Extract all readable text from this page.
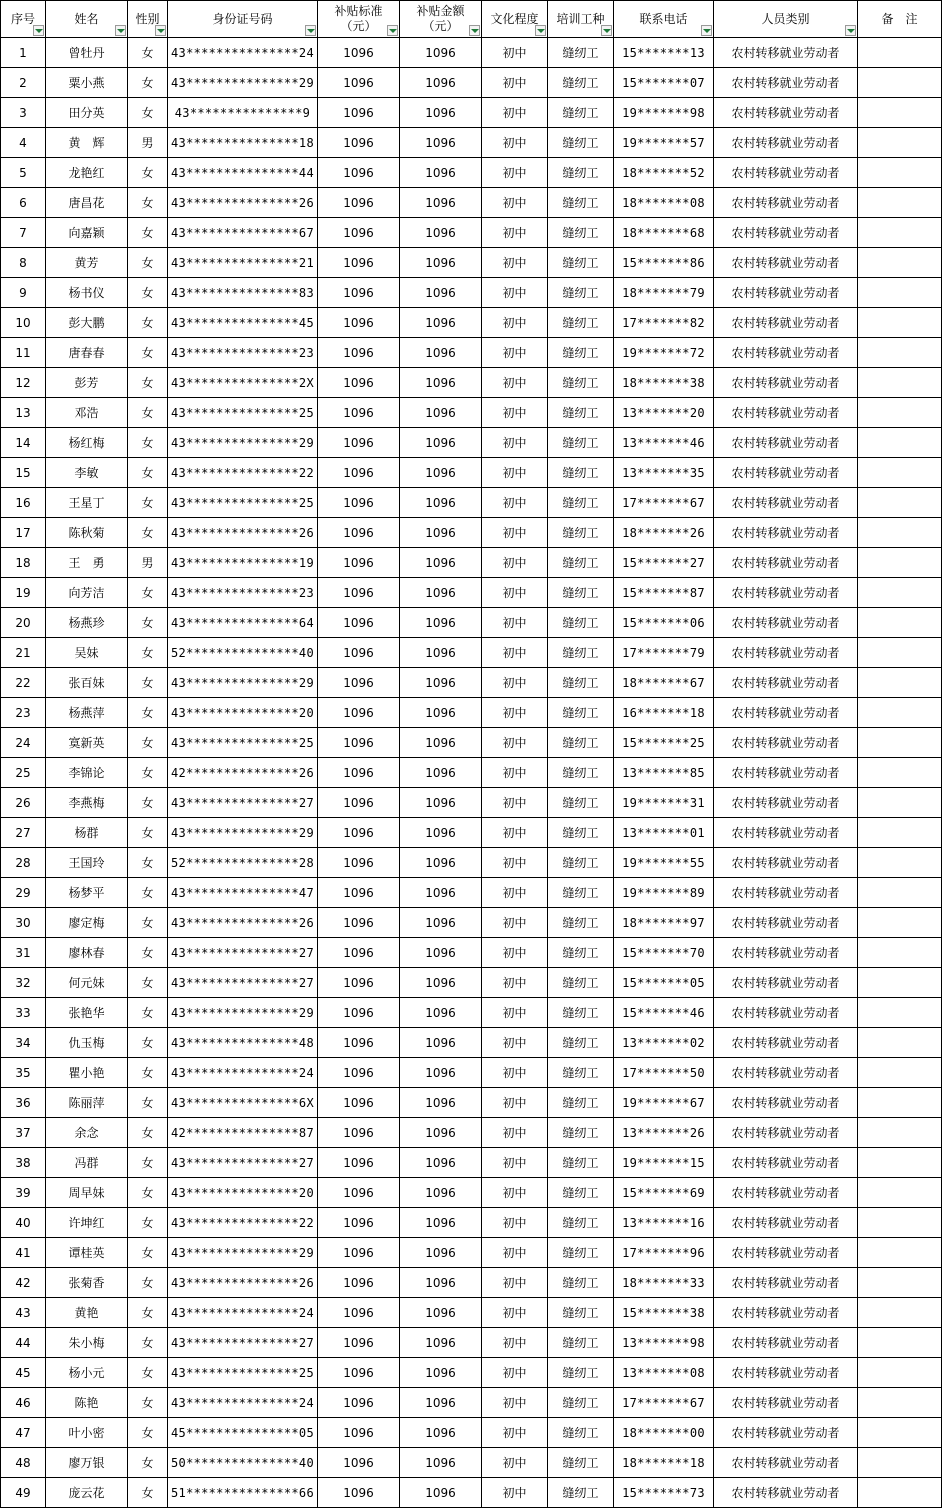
序号	姓名	性别	身份证号码	补贴标准
（元）	补贴金额
（元）	文化程度	培训工种	联系电话	人员类别	备　注
1	曾牡丹	女	43***************24	1096	1096	初中	缝纫工	15*******13	农村转移就业劳动者	
2	粟小燕	女	43***************29	1096	1096	初中	缝纫工	15*******07	农村转移就业劳动者	
3	田分英	女	43***************9	1096	1096	初中	缝纫工	19*******98	农村转移就业劳动者	
4	黄　辉	男	43***************18	1096	1096	初中	缝纫工	19*******57	农村转移就业劳动者	
5	龙艳红	女	43***************44	1096	1096	初中	缝纫工	18*******52	农村转移就业劳动者	
6	唐昌花	女	43***************26	1096	1096	初中	缝纫工	18*******08	农村转移就业劳动者	
7	向嘉颖	女	43***************67	1096	1096	初中	缝纫工	18*******68	农村转移就业劳动者	
8	黄芳	女	43***************21	1096	1096	初中	缝纫工	15*******86	农村转移就业劳动者	
9	杨书仪	女	43***************83	1096	1096	初中	缝纫工	18*******79	农村转移就业劳动者	
10	彭大鹏	女	43***************45	1096	1096	初中	缝纫工	17*******82	农村转移就业劳动者	
11	唐春春	女	43***************23	1096	1096	初中	缝纫工	19*******72	农村转移就业劳动者	
12	彭芳	女	43***************2X	1096	1096	初中	缝纫工	18*******38	农村转移就业劳动者	
13	邓浩	女	43***************25	1096	1096	初中	缝纫工	13*******20	农村转移就业劳动者	
14	杨红梅	女	43***************29	1096	1096	初中	缝纫工	13*******46	农村转移就业劳动者	
15	李敏	女	43***************22	1096	1096	初中	缝纫工	13*******35	农村转移就业劳动者	
16	王星丁	女	43***************25	1096	1096	初中	缝纫工	17*******67	农村转移就业劳动者	
17	陈秋菊	女	43***************26	1096	1096	初中	缝纫工	18*******26	农村转移就业劳动者	
18	王　勇	男	43***************19	1096	1096	初中	缝纫工	15*******27	农村转移就业劳动者	
19	向芳洁	女	43***************23	1096	1096	初中	缝纫工	15*******87	农村转移就业劳动者	
20	杨燕珍	女	43***************64	1096	1096	初中	缝纫工	15*******06	农村转移就业劳动者	
21	吴妹	女	52***************40	1096	1096	初中	缝纫工	17*******79	农村转移就业劳动者	
22	张百妹	女	43***************29	1096	1096	初中	缝纫工	18*******67	农村转移就业劳动者	
23	杨燕萍	女	43***************20	1096	1096	初中	缝纫工	16*******18	农村转移就业劳动者	
24	寞新英	女	43***************25	1096	1096	初中	缝纫工	15*******25	农村转移就业劳动者	
25	李锦论	女	42***************26	1096	1096	初中	缝纫工	13*******85	农村转移就业劳动者	
26	李燕梅	女	43***************27	1096	1096	初中	缝纫工	19*******31	农村转移就业劳动者	
27	杨群	女	43***************29	1096	1096	初中	缝纫工	13*******01	农村转移就业劳动者	
28	王国玲	女	52***************28	1096	1096	初中	缝纫工	19*******55	农村转移就业劳动者	
29	杨梦平	女	43***************47	1096	1096	初中	缝纫工	19*******89	农村转移就业劳动者	
30	廖定梅	女	43***************26	1096	1096	初中	缝纫工	18*******97	农村转移就业劳动者	
31	廖林春	女	43***************27	1096	1096	初中	缝纫工	15*******70	农村转移就业劳动者	
32	何元妹	女	43***************27	1096	1096	初中	缝纫工	15*******05	农村转移就业劳动者	
33	张艳华	女	43***************29	1096	1096	初中	缝纫工	15*******46	农村转移就业劳动者	
34	仇玉梅	女	43***************48	1096	1096	初中	缝纫工	13*******02	农村转移就业劳动者	
35	瞿小艳	女	43***************24	1096	1096	初中	缝纫工	17*******50	农村转移就业劳动者	
36	陈丽萍	女	43***************6X	1096	1096	初中	缝纫工	19*******67	农村转移就业劳动者	
37	余念	女	42***************87	1096	1096	初中	缝纫工	13*******26	农村转移就业劳动者	
38	冯群	女	43***************27	1096	1096	初中	缝纫工	19*******15	农村转移就业劳动者	
39	周早妹	女	43***************20	1096	1096	初中	缝纫工	15*******69	农村转移就业劳动者	
40	许坤红	女	43***************22	1096	1096	初中	缝纫工	13*******16	农村转移就业劳动者	
41	谭桂英	女	43***************29	1096	1096	初中	缝纫工	17*******96	农村转移就业劳动者	
42	张菊香	女	43***************26	1096	1096	初中	缝纫工	18*******33	农村转移就业劳动者	
43	黄艳	女	43***************24	1096	1096	初中	缝纫工	15*******38	农村转移就业劳动者	
44	朱小梅	女	43***************27	1096	1096	初中	缝纫工	13*******98	农村转移就业劳动者	
45	杨小元	女	43***************25	1096	1096	初中	缝纫工	13*******08	农村转移就业劳动者	
46	陈艳	女	43***************24	1096	1096	初中	缝纫工	17*******67	农村转移就业劳动者	
47	叶小密	女	45***************05	1096	1096	初中	缝纫工	18*******00	农村转移就业劳动者	
48	廖万银	女	50***************40	1096	1096	初中	缝纫工	18*******18	农村转移就业劳动者	
49	庞云花	女	51***************66	1096	1096	初中	缝纫工	15*******73	农村转移就业劳动者	
